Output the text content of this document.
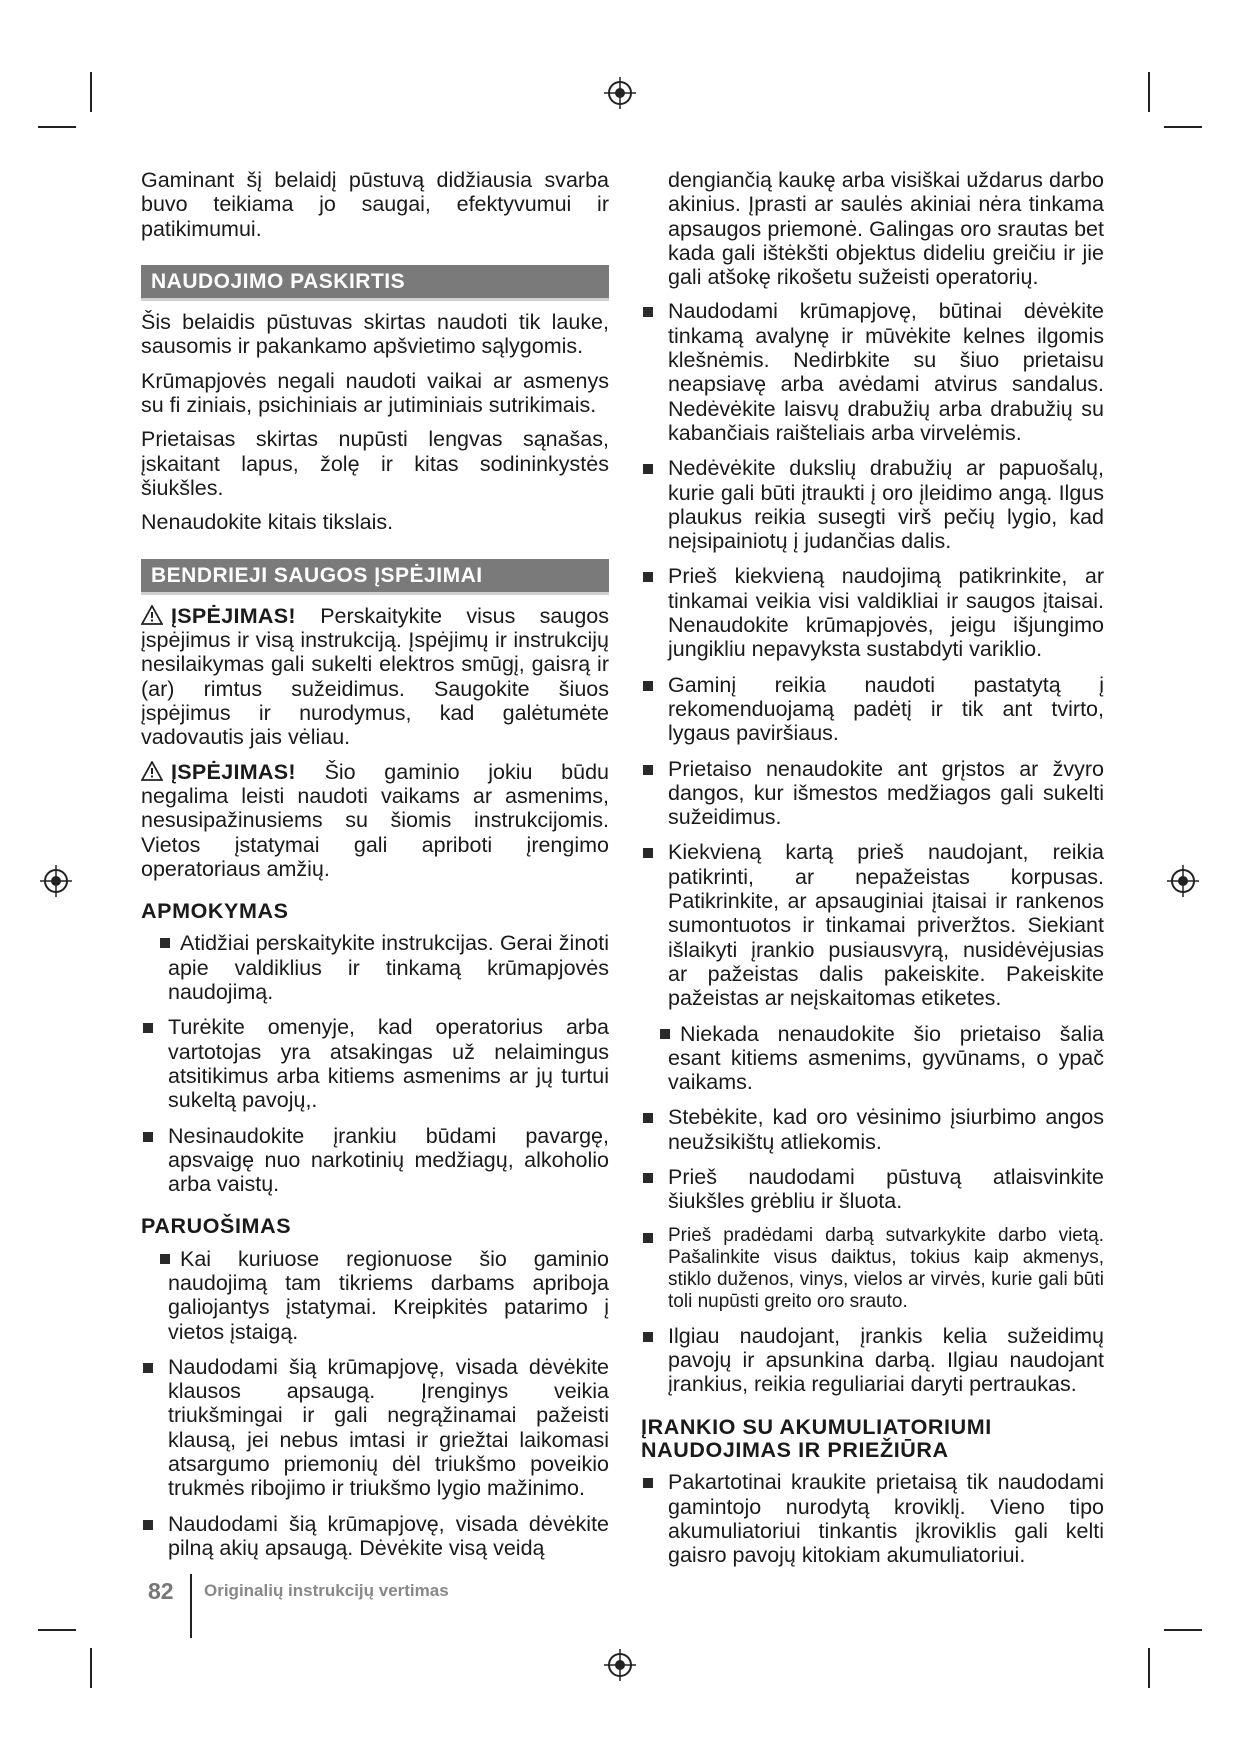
Gaminant šį belaidį pūstuvą didžiausia svarba buvo teikiama jo saugai, efektyvumui ir patikimumui.

NAUDOJIMO PASKIRTIS

Šis belaidis pūstuvas skirtas naudoti tik lauke, sausomis ir pakankamo apšvietimo sąlygomis.

Krūmapjovės negali naudoti vaikai ar asmenys su fi ziniais, psichiniais ar jutiminiais sutrikimais.

Prietaisas skirtas nupūsti lengvas sąnašas, įskaitant lapus, žolę ir kitas sodininkystės šiukšles.

Nenaudokite kitais tikslais.

BENDRIEJI SAUGOS ĮSPĖJIMAI
ĮSPĖJIMAS! Perskaitykite visus saugos įspėjimus ir visą instrukciją. Įspėjimų ir instrukcijų nesilaikymas gali sukelti elektros smūgį, gaisrą ir (ar) rimtus sužeidimus. Saugokite šiuos įspėjimus ir nurodymus, kad galėtumėte vadovautis jais vėliau.
ĮSPĖJIMAS! Šio gaminio jokiu būdu negalima leisti naudoti vaikams ar asmenims, nesusipažinusiems su šiomis instrukcijomis. Vietos įstatymai gali apriboti įrengimo operatoriaus amžių.
APMOKYMAS
Atidžiai perskaitykite instrukcijas. Gerai žinoti apie valdiklius ir tinkamą krūmapjovės naudojimą.
Turėkite omenyje, kad operatorius arba vartotojas yra atsakingas už nelaimingus atsitikimus arba kitiems asmenims ar jų turtui sukeltą pavojų,.
Nesinaudokite įrankiu būdami pavargę, apsvaigę nuo narkotinių medžiagų, alkoholio arba vaistų.
PARUOŠIMAS
Kai kuriuose regionuose šio gaminio naudojimą tam tikriems darbams apriboja galiojantys įstatymai. Kreipkitės patarimo į vietos įstaigą.
Naudodami šią krūmapjovę, visada dėvėkite klausos apsaugą. Įrenginys veikia triukšmingai ir gali negrąžinamai pažeisti klausą, jei nebus imtasi ir griežtai laikomasi atsargumo priemonių dėl triukšmo poveikio trukmės ribojimo ir triukšmo lygio mažinimo.
Naudodami šią krūmapjovę, visada dėvėkite pilną akių apsaugą. Dėvėkite visą veidą

dengiančią kaukę arba visiškai uždarus darbo akinius. Įprasti ar saulės akiniai nėra tinkama apsaugos priemonė. Galingas oro srautas bet kada gali ištėkšti objektus dideliu greičiu ir jie gali atšokę rikošetu sužeisti operatorių.

Naudodami krūmapjovę, būtinai dėvėkite tinkamą avalynę ir mūvėkite kelnes ilgomis klešnėmis. Nedirbkite su šiuo prietaisu neapsiavę arba avėdami atvirus sandalus. Nedėvėkite laisvų drabužių arba drabužių su kabančiais raišteliais arba virvelėmis.
Nedėvėkite dukslių drabužių ar papuošalų, kurie gali būti įtraukti į oro įleidimo angą. Ilgus plaukus reikia susegti virš pečių lygio, kad neįsipainiotų į judančias dalis.
Prieš kiekvieną naudojimą patikrinkite, ar tinkamai veikia visi valdikliai ir saugos įtaisai. Nenaudokite krūmapjovės, jeigu išjungimo jungikliu nepavyksta sustabdyti variklio.
Gaminį reikia naudoti pastatytą į rekomenduojamą padėtį ir tik ant tvirto, lygaus paviršiaus.
Prietaiso nenaudokite ant grįstos ar žvyro dangos, kur išmestos medžiagos gali sukelti sužeidimus.
Kiekvieną kartą prieš naudojant, reikia patikrinti, ar nepažeistas korpusas. Patikrinkite, ar apsauginiai įtaisai ir rankenos sumontuotos ir tinkamai priveržtos. Siekiant išlaikyti įrankio pusiausvyrą, nusidėvėjusias ar pažeistas dalis pakeiskite. Pakeiskite pažeistas ar neįskaitomas etiketes.
Niekada nenaudokite šio prietaiso šalia esant kitiems asmenims, gyvūnams, o ypač vaikams.
Stebėkite, kad oro vėsinimo įsiurbimo angos neužsikištų atliekomis.
Prieš naudodami pūstuvą atlaisvinkite šiukšles grėbliu ir šluota.
Prieš pradėdami darbą sutvarkykite darbo vietą. Pašalinkite visus daiktus, tokius kaip akmenys, stiklo duženos, vinys, vielos ar virvės, kurie gali būti toli nupūsti greito oro srauto.
Ilgiau naudojant, įrankis kelia sužeidimų pavojų ir apsunkina darbą. Ilgiau naudojant įrankius, reikia reguliariai daryti pertraukas.
ĮRANKIO SU AKUMULIATORIUMI
NAUDOJIMAS IR PRIEŽIŪRA
Pakartotinai kraukite prietaisą tik naudodami gamintojo nurodytą kroviklį. Vieno tipo akumuliatoriui tinkantis įkroviklis gali kelti gaisro pavojų kitokiam akumuliatoriui.
82 Originalių instrukcijų vertimas
